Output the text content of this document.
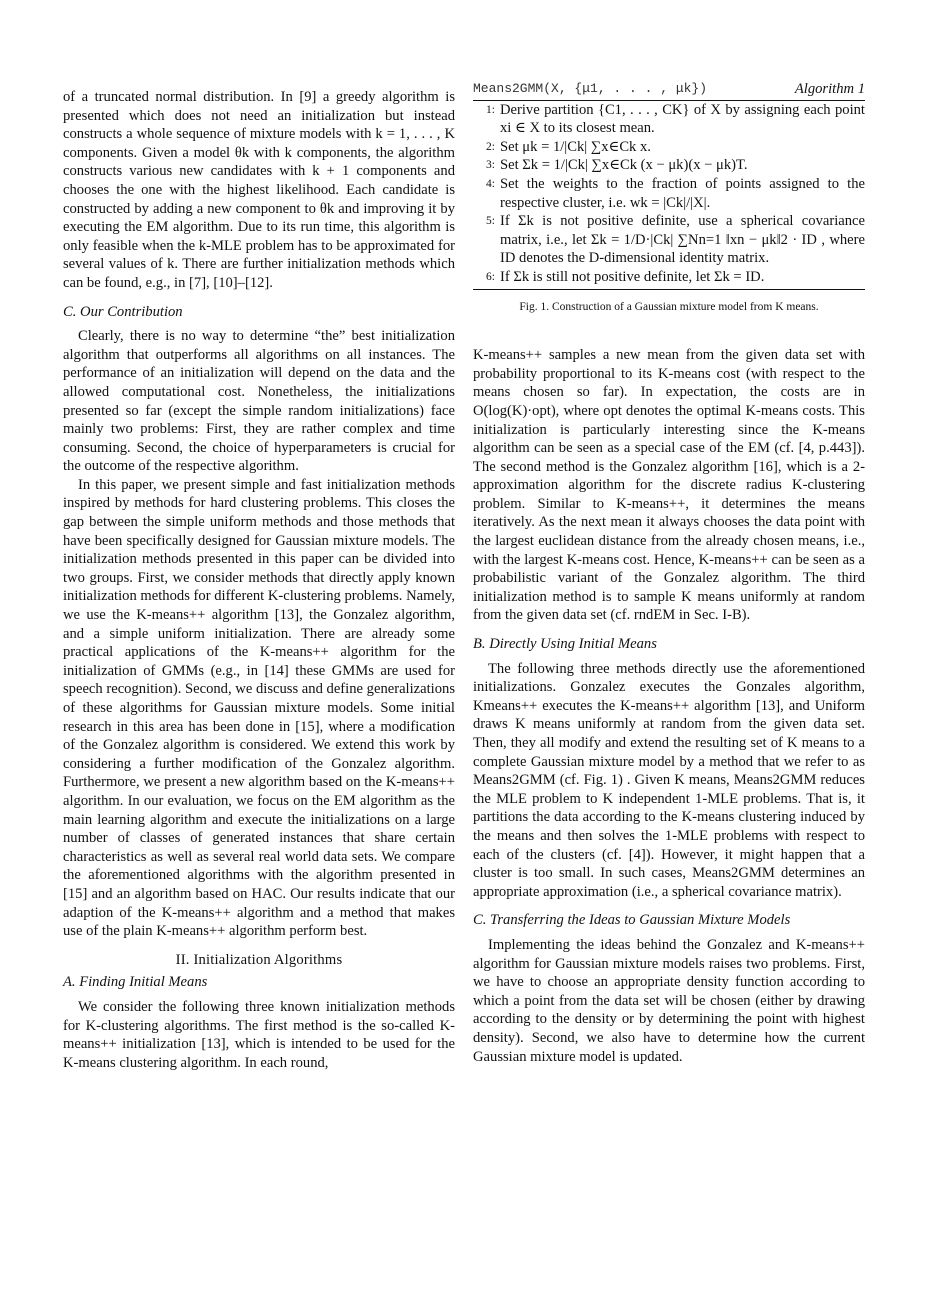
of a truncated normal distribution. In [9] a greedy algorithm is presented which does not need an initialization but instead constructs a whole sequence of mixture models with k = 1, . . . , K components. Given a model θk with k components, the algorithm constructs various new candidates with k + 1 components and chooses the one with the highest likelihood. Each candidate is constructed by adding a new component to θk and improving it by executing the EM algorithm. Due to its run time, this algorithm is only feasible when the k-MLE problem has to be approximated for several values of k. There are further initialization methods which can be found, e.g., in [7], [10]–[12].

C. Our Contribution

Clearly, there is no way to determine “the” best initialization algorithm that outperforms all algorithms on all instances. The performance of an initialization will depend on the data and the allowed computational cost. Nonetheless, the initializations presented so far (except the simple random initializations) face mainly two problems: First, they are rather complex and time consuming. Second, the choice of hyperparameters is crucial for the outcome of the respective algorithm.

In this paper, we present simple and fast initialization methods inspired by methods for hard clustering problems. This closes the gap between the simple uniform methods and those methods that have been specifically designed for Gaussian mixture models. The initialization methods presented in this paper can be divided into two groups. First, we consider methods that directly apply known initialization methods for different K-clustering problems. Namely, we use the K-means++ algorithm [13], the Gonzalez algorithm, and a simple uniform initialization. There are already some practical applications of the K-means++ algorithm for the initialization of GMMs (e.g., in [14] these GMMs are used for speech recognition). Second, we discuss and define generalizations of these algorithms for Gaussian mixture models. Some initial research in this area has been done in [15], where a modification of the Gonzalez algorithm is considered. We extend this work by considering a further modification of the Gonzalez algorithm. Furthermore, we present a new algorithm based on the K-means++ algorithm. In our evaluation, we focus on the EM algorithm as the main learning algorithm and execute the initializations on a large number of classes of generated instances that share certain characteristics as well as several real world data sets. We compare the aforementioned algorithms with the algorithm presented in [15] and an algorithm based on HAC. Our results indicate that our adaption of the K-means++ algorithm and a method that makes use of the plain K-means++ algorithm perform best.

II. Initialization Algorithms
A. Finding Initial Means

We consider the following three known initialization methods for K-clustering algorithms. The first method is the so-called K-means++ initialization [13], which is intended to be used for the K-means clustering algorithm. In each round,

Means2GMM(X, {μ1, . . . , μk})	Algorithm 1
1: Derive partition {C1, . . . , CK} of X by assigning each point xi ∈ X to its closest mean.
2: Set μk = 1/|Ck| ∑x∈Ck x.
3: Set Σk = 1/|Ck| ∑x∈Ck (x − μk)(x − μk)T.
4: Set the weights to the fraction of points assigned to the respective cluster, i.e. wk = |Ck|/|X|.
5: If Σk is not positive definite, use a spherical covariance matrix, i.e., let Σk = 1/D·|Ck| ∑Nn=1 ‖xn − μk‖2 · ID , where ID denotes the D-dimensional identity matrix.
6: If Σk is still not positive definite, let Σk = ID.
Fig. 1. Construction of a Gaussian mixture model from K means.

K-means++ samples a new mean from the given data set with probability proportional to its K-means cost (with respect to the means chosen so far). In expectation, the costs are in O(log(K)·opt), where opt denotes the optimal K-means costs. This initialization is particularly interesting since the K-means algorithm can be seen as a special case of the EM (cf. [4, p.443]). The second method is the Gonzalez algorithm [16], which is a 2-approximation algorithm for the discrete radius K-clustering problem. Similar to K-means++, it determines the means iteratively. As the next mean it always chooses the data point with the largest euclidean distance from the already chosen means, i.e., with the largest K-means cost. Hence, K-means++ can be seen as a probabilistic variant of the Gonzalez algorithm. The third initialization method is to sample K means uniformly at random from the given data set (cf. rndEM in Sec. I-B).

B. Directly Using Initial Means

The following three methods directly use the aforementioned initializations. Gonzalez executes the Gonzales algorithm, Kmeans++ executes the K-means++ algorithm [13], and Uniform draws K means uniformly at random from the given data set. Then, they all modify and extend the resulting set of K means to a complete Gaussian mixture model by a method that we refer to as Means2GMM (cf. Fig. 1) . Given K means, Means2GMM reduces the MLE problem to K independent 1-MLE problems. That is, it partitions the data according to the K-means clustering induced by the means and then solves the 1-MLE problems with respect to each of the clusters (cf. [4]). However, it might happen that a cluster is too small. In such cases, Means2GMM determines an appropriate approximation (i.e., a spherical covariance matrix).

C. Transferring the Ideas to Gaussian Mixture Models

Implementing the ideas behind the Gonzalez and K-means++ algorithm for Gaussian mixture models raises two problems. First, we have to choose an appropriate density function according to which a point from the data set will be chosen (either by drawing according to the density or by determining the point with highest density). Second, we also have to determine how the current Gaussian mixture model is updated.
